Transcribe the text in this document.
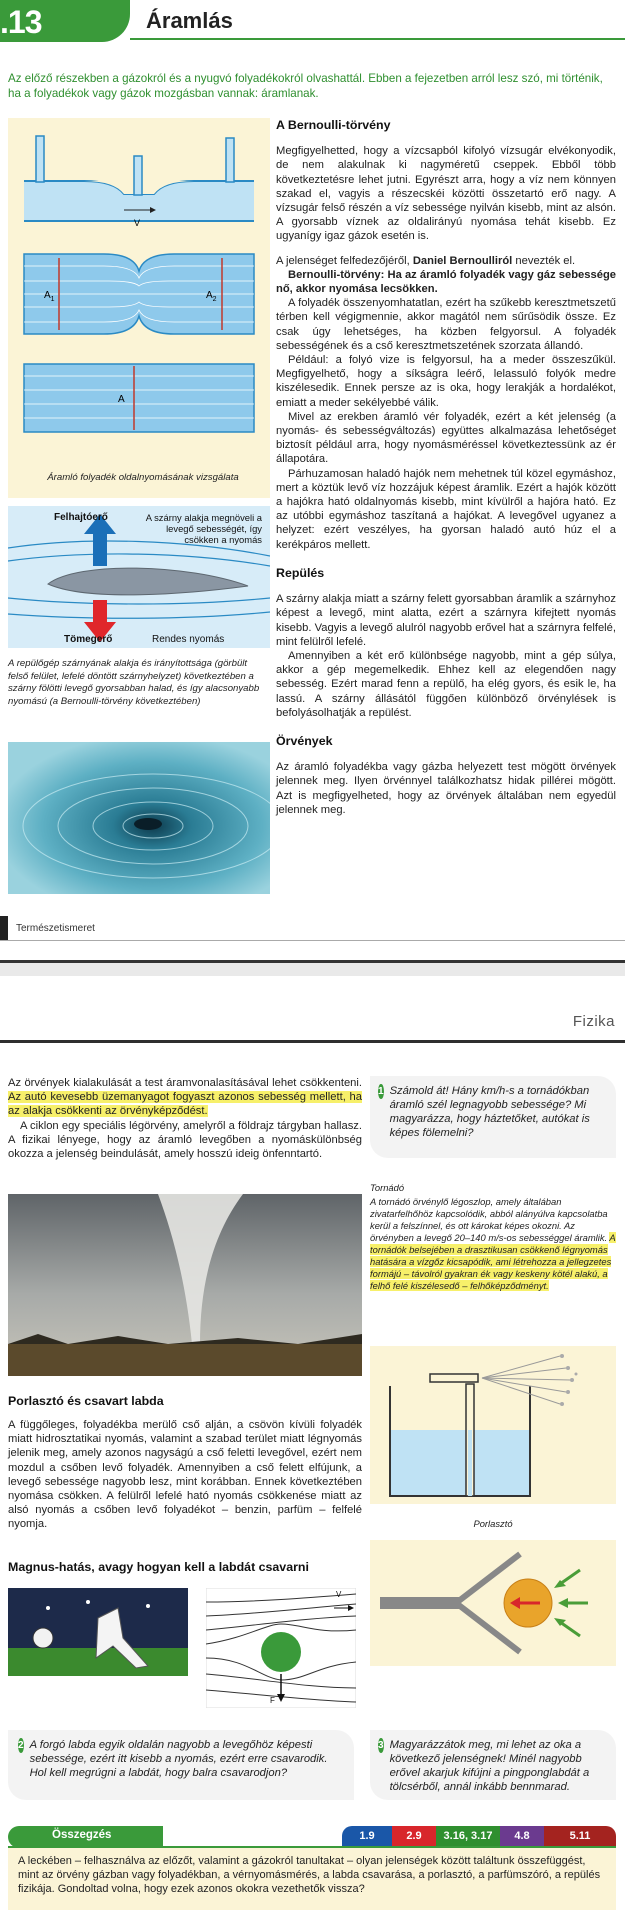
.13	Áramlás
Az előző részekben a gázokról és a nyugvó folyadékokról olvashattál. Ebben a fejezetben arról lesz szó, mi történik, ha a folyadékok vagy gázok mozgásban vannak: áramlanak.
V
$A_1$	$A_2$
A
Áramló folyadék oldalnyomásának vizsgálata
Felhajtóerő	A szárny alakja megnöveli a levegő sebességét, így csökken a nyomás
Tömegerő	Rendes nyomás
A repülőgép szárnyának alakja és irányítottsága (görbült felső felület, lefelé döntött szárnyhelyzet) következtében a szárny fölötti levegő gyorsabban halad, és így alacsonyabb nyomású (a Bernoulli-törvény következtében)
A Bernoulli-törvény

Megfigyelhetted, hogy a vízcsapból kifolyó vízsugár elvékonyodik, de nem alakulnak ki nagyméretű cseppek. Ebből több következtetésre lehet jutni. Egyrészt arra, hogy a víz nem könnyen szakad el, vagyis a részecskéi közötti összetartó erő nagy. A vízsugár felső részén a víz sebessége nyilván kisebb, mint az alsón. A gyorsabb víznek az oldalirányú nyomása tehát kisebb. Ez ugyanígy igaz gázok esetén is.

A jelenséget felfedezőjéről, Daniel Bernoulliról nevezték el.

Bernoulli-törvény: Ha az áramló folyadék vagy gáz sebessége nő, akkor nyomása lecsökken.

A folyadék összenyomhatatlan, ezért ha szűkebb keresztmetszetű térben kell végigmennie, akkor magától nem sűrűsödik össze. Ez csak úgy lehetséges, ha közben felgyorsul. A folyadék sebességének és a cső keresztmetszetének szorzata állandó.

Például: a folyó vize is felgyorsul, ha a meder összeszűkül. Megfigyelhető, hogy a síkságra leérő, lelassuló folyók medre kiszélesedik. Ennek persze az is oka, hogy lerakják a hordalékot, emiatt a meder sekélyebbé válik.

Mivel az erekben áramló vér folyadék, ezért a két jelenség (a nyomás- és sebességváltozás) együttes alkalmazása lehetőséget biztosít például arra, hogy nyomásméréssel következtessünk az ér állapotára.

Párhuzamosan haladó hajók nem mehetnek túl közel egymáshoz, mert a köztük levő víz hozzájuk képest áramlik. Ezért a hajók között a hajókra ható oldalnyomás kisebb, mint kívülről a hajóra ható. Ez az utóbbi egymáshoz taszítaná a hajókat. A levegővel ugyanez a helyzet: ezért veszélyes, ha gyorsan haladó autó húz el a kerékpáros mellett.

Repülés

A szárny alakja miatt a szárny felett gyorsabban áramlik a szárnyhoz képest a levegő, mint alatta, ezért a szárnyra kifejtett nyomás kisebb. Vagyis a levegő alulról nagyobb erővel hat a szárnyra felfelé, mint felülről lefelé.

Amennyiben a két erő különbsége nagyobb, mint a gép súlya, akkor a gép megemelkedik. Ehhez kell az elegendően nagy sebesség. Ezért marad fenn a repülő, ha elég gyors, és esik le, ha lassú. A szárny állásától függően különböző örvénylések is befolyásolhatják a repülést.

Örvények

Az áramló folyadékba vagy gázba helyezett test mögött örvények jelennek meg. Ilyen örvénnyel találkozhatsz hidak pillérei mögött. Azt is megfigyelheted, hogy az örvények általában nem egyedül jelennek meg.

Természetismeret
Fizika

Az örvények kialakulását a test áramvonalasításával lehet csökkenteni. Az autó kevesebb üzemanyagot fogyaszt azonos sebesség mellett, ha az alakja csökkenti az örvényképződést.

A ciklon egy speciális légörvény, amelyről a földrajz tárgyban hallasz. A fizikai lényege, hogy az áramló levegőben a nyomáskülönbség okozza a jelenség beindulását, amely hosszú ideig önfenntartó.

Porlasztó és csavart labda

A függőleges, folyadékba merülő cső alján, a csövön kívüli folyadék miatt hidrosztatikai nyomás, valamint a szabad terület miatt légnyomás jelenik meg, amely azonos nagyságú a cső feletti levegővel, ezért nem mozdul a csőben levő folyadék. Amennyiben a cső felett elfújunk, a levegő sebessége nagyobb lesz, mint korábban. Ennek következtében nyomása csökken. A felülről lefelé ható nyomás csökkenése miatt az alsó nyomás a csőben levő folyadékot – benzin, parfüm – felfelé nyomja.

Magnus-hatás, avagy hogyan kell a labdát csavarni
V
F
1 Számold át! Hány km/h-s a tornádókban áramló szél legnagyobb sebessége? Mi magyarázza, hogy háztetőket, autókat is képes fölemelni?
Tornádó
A tornádó örvénylő légoszlop, amely általában zivatarfelhőhöz kapcsolódik, abból alányúlva kapcsolatba kerül a felszínnel, és ott károkat képes okozni. Az örvényben a levegő 20–140 m/s-os sebességgel áramlik. A tornádók belsejében a drasztikusan csökkenő légnyomás hatására a vízgőz kicsapódik, ami létrehozza a jellegzetes formájú – távolról gyakran ék vagy keskeny kötél alakú, a felhő felé kiszélesedő – felhőképződményt.
Porlasztó
2 A forgó labda egyik oldalán nagyobb a levegőhöz képesti sebessége, ezért itt kisebb a nyomás, ezért erre csavarodik. Hol kell megrúgni a labdát, hogy balra csavarodjon?
3 Magyarázzátok meg, mi lehet az oka a következő jelenségnek! Minél nagyobb erővel akarjuk kifújni a pingponglabdát a tölcsérből, annál inkább bennmarad.
Összegzés	1.9	2.9	3.16, 3.17	4.8	5.11
A leckében – felhasználva az előzőt, valamint a gázokról tanultakat – olyan jelenségek között találtunk összefüggést, mint az örvény gázban vagy folyadékban, a vérnyomásmérés, a labda csavarása, a porlasztó, a parfümszóró, a repülés fizikája. Gondoltad volna, hogy ezek azonos okokra vezethetők vissza?
